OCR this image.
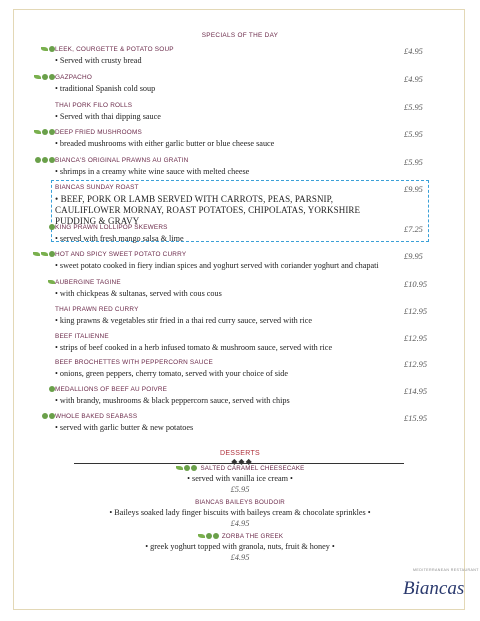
SPECIALS OF THE DAY
LEEK, COURGETTE & POTATO SOUP
• Served with crusty bread
£4.95
GAZPACHO
• traditional Spanish cold soup
£4.95
THAI PORK FILO ROLLS
• Served with thai dipping sauce
£5.95
DEEP FRIED MUSHROOMS
• breaded mushrooms with either garlic butter or blue cheese sauce
£5.95
BIANCA'S ORIGINAL PRAWNS AU GRATIN
• shrimps in a creamy white wine sauce with melted cheese
£5.95
BIANCAS SUNDAY ROAST
• BEEF, PORK OR LAMB SERVED WITH CARROTS, PEAS, PARSNIP, CAULIFLOWER MORNAY, ROAST POTATOES, CHIPOLATAS, YORKSHIRE PUDDING & GRAVY
£9.95
KING PRAWN LOLLIPOP SKEWERS
• served with fresh mango salsa & lime
£7.25
HOT AND SPICY SWEET POTATO CURRY
• sweet potato cooked in fiery indian spices and yoghurt served with coriander yoghurt and chapati
£9.95
AUBERGINE TAGINE
• with chickpeas & sultanas, served with cous cous
£10.95
THAI PRAWN RED CURRY
• king prawns & vegetables stir fried in a thai red curry sauce, served with rice
£12.95
BEEF ITALIENNE
• strips of beef cooked in a herb infused tomato & mushroom sauce, served with rice
£12.95
BEEF BROCHETTES WITH PEPPERCORN SAUCE
• onions, green peppers, cherry tomato, served with your choice of side
£12.95
MEDALLIONS OF BEEF AU POIVRE
• with brandy, mushrooms & black peppercorn sauce, served with chips
£14.95
WHOLE BAKED SEABASS
• served with garlic butter & new potatoes
£15.95
DESSERTS
◆◆◆
SALTED CARAMEL CHEESECAKE
• served with vanilla ice cream •
£5.95
BIANCAS BAILEYS BOUDOIR
• Baileys soaked lady finger biscuits with baileys cream & chocolate sprinkles •
£4.95
ZORBA THE GREEK
• greek yoghurt topped with granola, nuts, fruit & honey •
£4.95
MEDITERRANEAN RESTAURANT
Biancas
